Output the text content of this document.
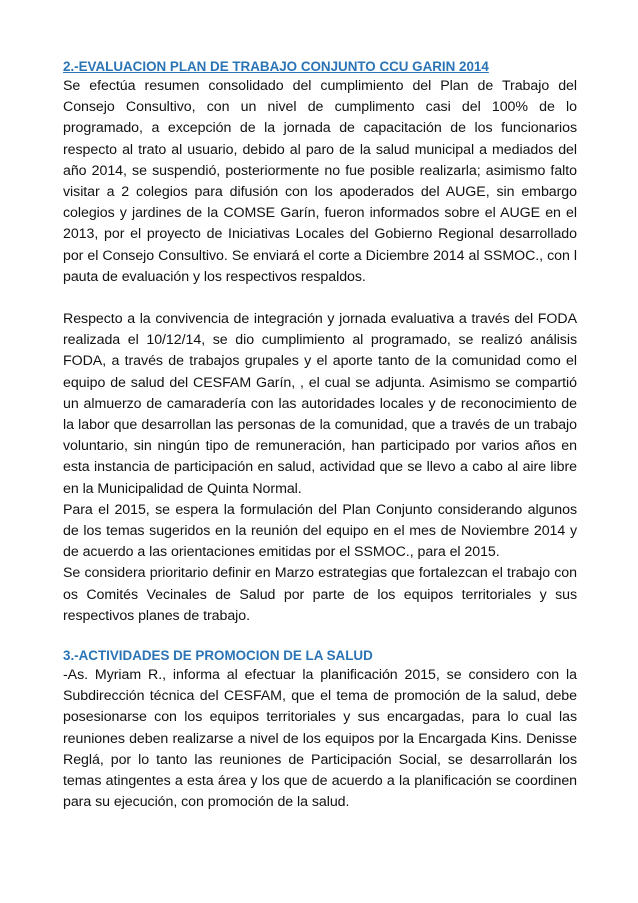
2.-EVALUACION PLAN DE TRABAJO CONJUNTO CCU GARIN 2014

Se efectúa resumen consolidado del cumplimiento del Plan de Trabajo del Consejo Consultivo, con un nivel de cumplimento casi del 100% de lo programado, a excepción de la jornada de capacitación de los funcionarios respecto al trato al usuario, debido al paro de la salud municipal a mediados del año 2014, se suspendió, posteriormente no fue posible realizarla; asimismo falto visitar a 2 colegios para difusión con los apoderados del AUGE, sin embargo colegios y jardines de la COMSE Garín, fueron informados sobre el AUGE en el 2013, por el proyecto de Iniciativas Locales del Gobierno Regional desarrollado por el Consejo Consultivo. Se enviará el corte a Diciembre 2014 al SSMOC., con l pauta de evaluación y los respectivos respaldos.

Respecto a la convivencia de integración y jornada evaluativa a través del FODA realizada el 10/12/14, se dio cumplimiento al programado, se realizó análisis FODA, a través de trabajos grupales y el aporte tanto de la comunidad como el equipo de salud del CESFAM Garín, , el cual se adjunta. Asimismo se compartió un almuerzo de camaradería con las autoridades locales y de reconocimiento de la labor que desarrollan las personas de la comunidad, que a través de un trabajo voluntario, sin ningún tipo de remuneración, han participado por varios años en esta instancia de participación en salud, actividad que se llevo a cabo al aire libre en la Municipalidad de Quinta Normal.

Para el 2015, se espera la formulación del Plan Conjunto considerando algunos de los temas sugeridos en la reunión del equipo en el mes de Noviembre 2014 y de acuerdo a las orientaciones emitidas por el SSMOC., para el 2015.

Se considera prioritario definir en Marzo estrategias que fortalezcan el trabajo con os Comités Vecinales de Salud por parte de los equipos territoriales y sus respectivos planes de trabajo.

3.-ACTIVIDADES DE PROMOCION DE LA SALUD

-As. Myriam R., informa al efectuar la planificación 2015, se considero con la Subdirección técnica del CESFAM, que el tema de promoción de la salud, debe posesionarse con los equipos territoriales y sus encargadas, para lo cual las reuniones deben realizarse a nivel de los equipos por la Encargada Kins. Denisse Reglá, por lo tanto las reuniones de Participación Social, se desarrollarán los temas atingentes a esta área y los que de acuerdo a la planificación se coordinen para su ejecución, con promoción de la salud.
